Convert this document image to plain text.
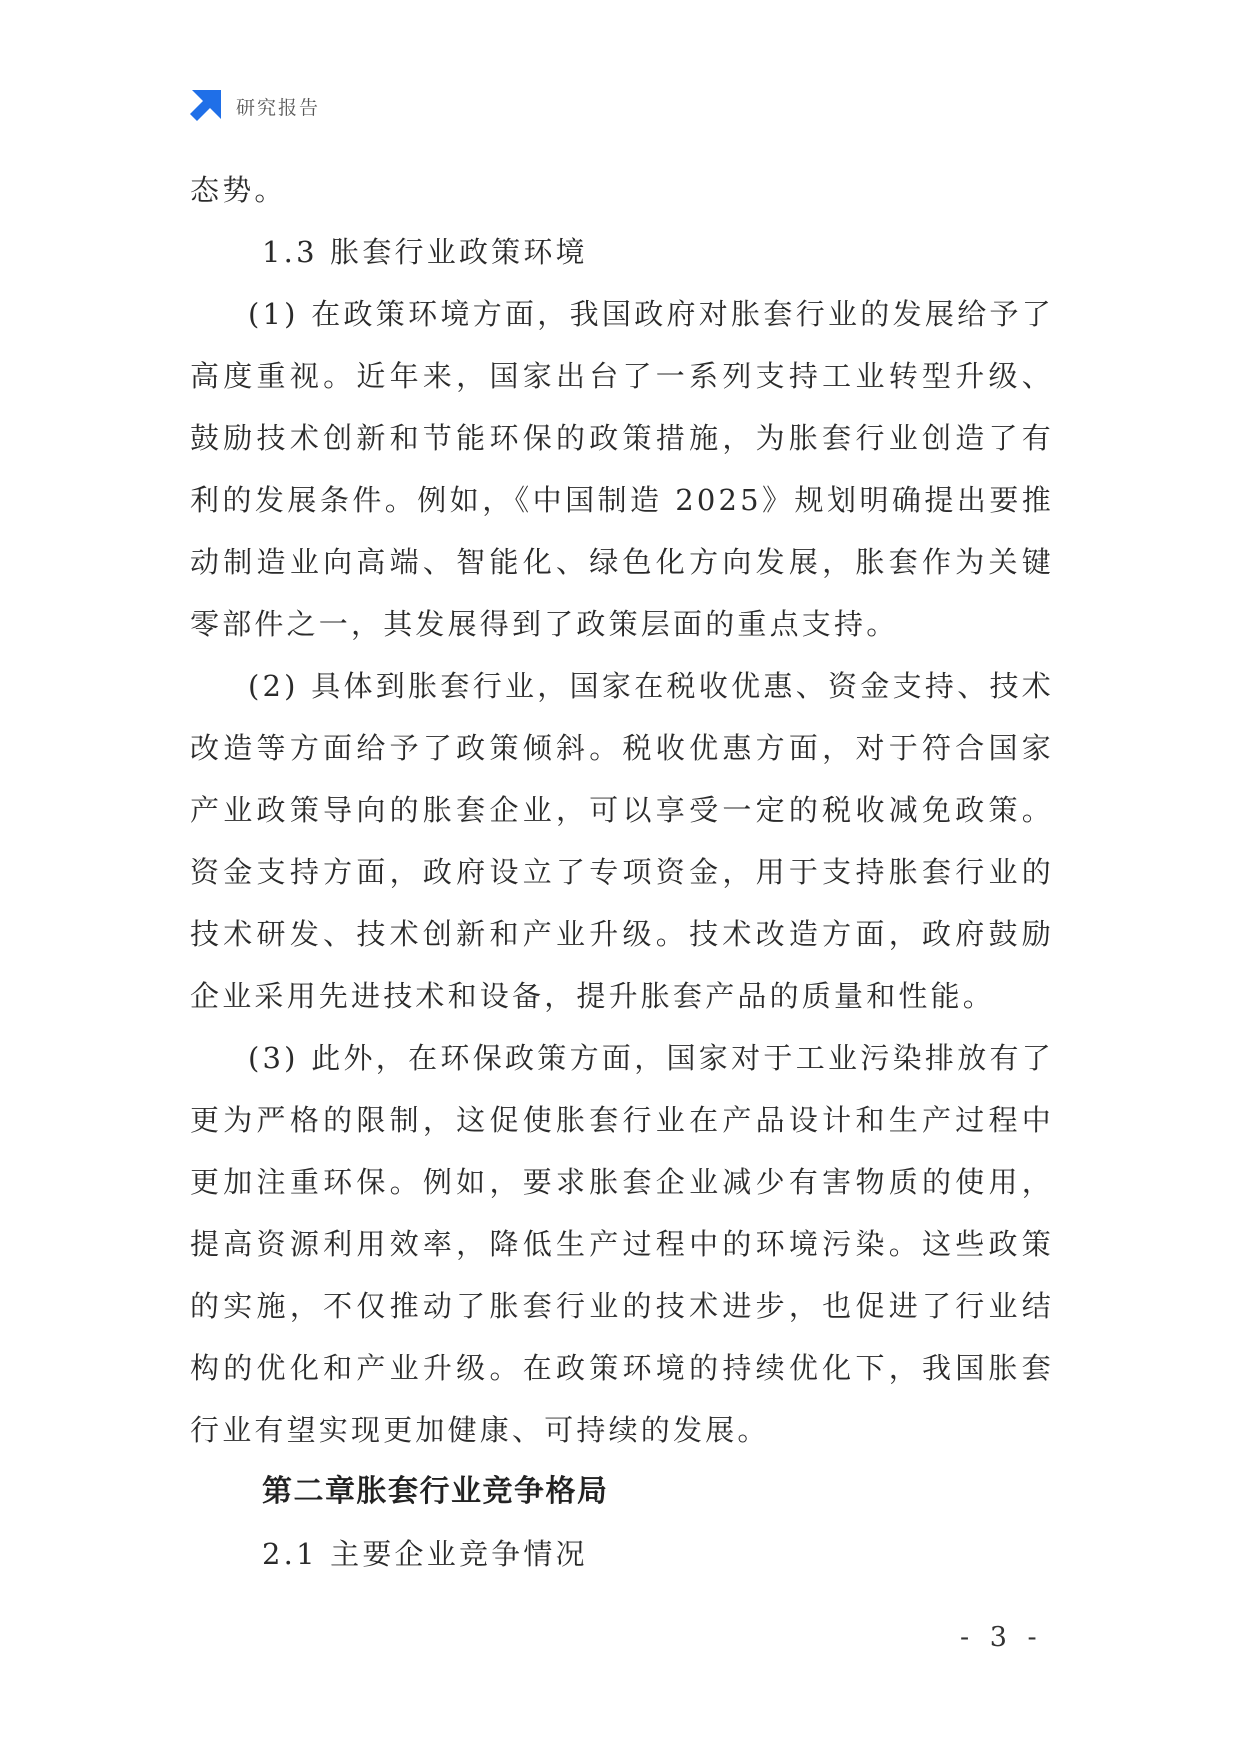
研究报告

态势。

1.3 胀套行业政策环境

(1) 在政策环境方面，我国政府对胀套行业的发展给予了高度重视。近年来，国家出台了一系列支持工业转型升级、鼓励技术创新和节能环保的政策措施，为胀套行业创造了有利的发展条件。例如，《中国制造 2025》规划明确提出要推动制造业向高端、智能化、绿色化方向发展，胀套作为关键零部件之一，其发展得到了政策层面的重点支持。

(2) 具体到胀套行业，国家在税收优惠、资金支持、技术改造等方面给予了政策倾斜。税收优惠方面，对于符合国家产业政策导向的胀套企业，可以享受一定的税收减免政策。资金支持方面，政府设立了专项资金，用于支持胀套行业的技术研发、技术创新和产业升级。技术改造方面，政府鼓励企业采用先进技术和设备，提升胀套产品的质量和性能。

(3) 此外，在环保政策方面，国家对于工业污染排放有了更为严格的限制，这促使胀套行业在产品设计和生产过程中更加注重环保。例如，要求胀套企业减少有害物质的使用，提高资源利用效率，降低生产过程中的环境污染。这些政策的实施，不仅推动了胀套行业的技术进步，也促进了行业结构的优化和产业升级。在政策环境的持续优化下，我国胀套行业有望实现更加健康、可持续的发展。

第二章胀套行业竞争格局

2.1 主要企业竞争情况

- 3 -
